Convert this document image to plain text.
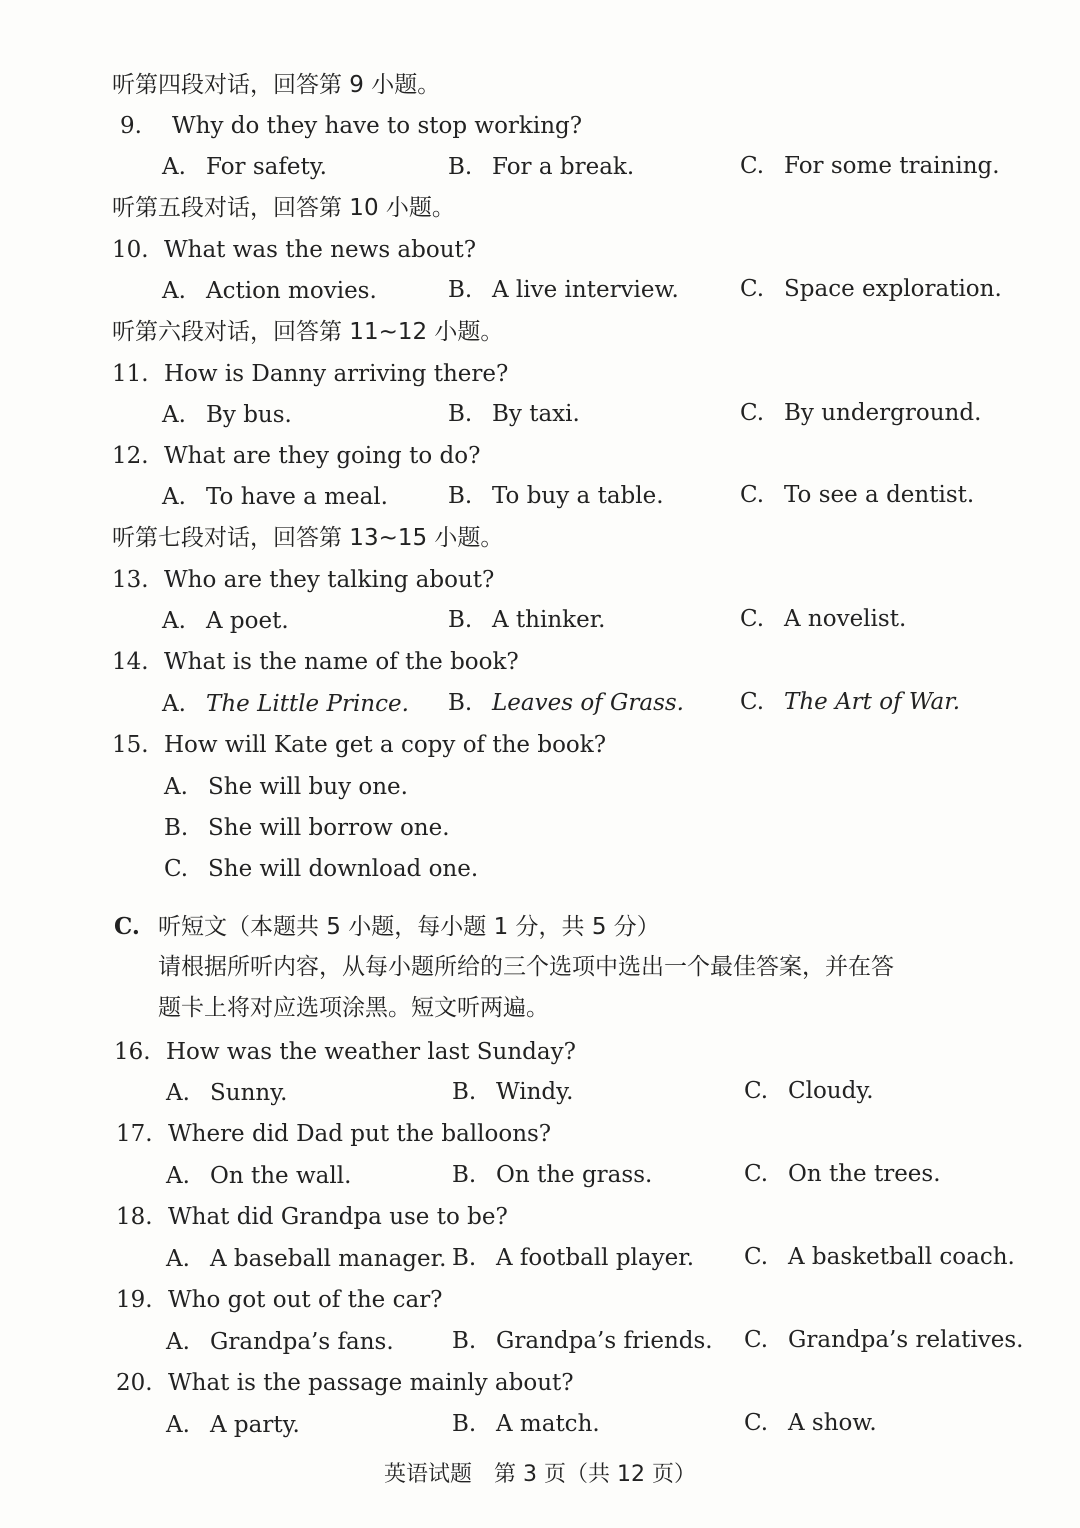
听第四段对话，回答第 9 小题。
9. Why do they have to stop working?
A. For safety.	B. For a break.	C. For some training.
听第五段对话，回答第 10 小题。
10. What was the news about?
A. Action movies.	B. A live interview.	C. Space exploration.
听第六段对话，回答第 11~12 小题。
11. How is Danny arriving there?
A. By bus.	B. By taxi.	C. By underground.
12. What are they going to do?
A. To have a meal.	B. To buy a table.	C. To see a dentist.
听第七段对话，回答第 13~15 小题。
13. Who are they talking about?
A. A poet.	B. A thinker.	C. A novelist.
14. What is the name of the book?
A. The Little Prince. B. Leaves of Grass. C. The Art of War.
15. How will Kate get a copy of the book?
A. She will buy one.
B. She will borrow one.
C. She will download one.
C. 听短文（本题共 5 小题，每小题 1 分，共 5 分）
请根据所听内容，从每小题所给的三个选项中选出一个最佳答案，并在答
题卡上将对应选项涂黑。短文听两遍。
16. How was the weather last Sunday?
A. Sunny.	B. Windy.	C. Cloudy.
17. Where did Dad put the balloons?
A. On the wall.	B. On the grass.	C. On the trees.
18. What did Grandpa use to be?
A. A baseball manager. B. A football player. C. A basketball coach.
19. Who got out of the car?
A. Grandpa’s fans.	B. Grandpa’s friends. C. Grandpa’s relatives.
20. What is the passage mainly about?
A. A party.	B. A match.	C. A show.
英语试题　第 3 页（共 12 页）
